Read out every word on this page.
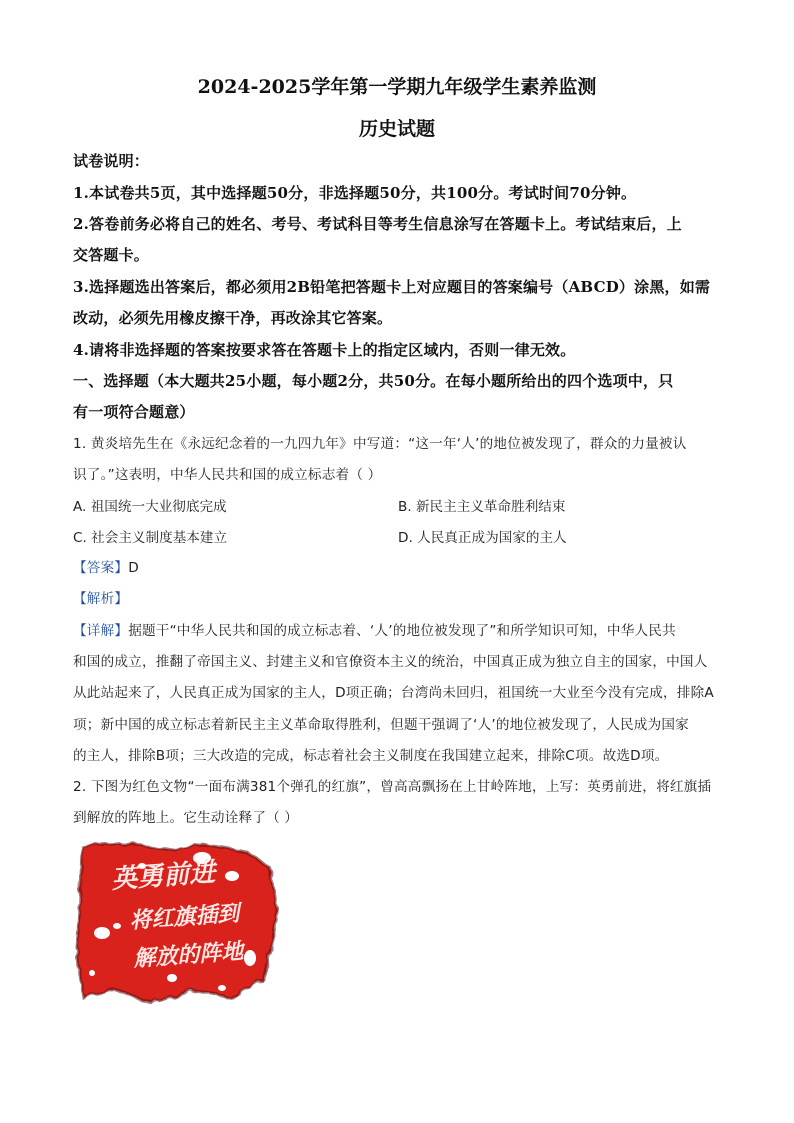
2024-2025学年第一学期九年级学生素养监测
历史试题
试卷说明：
1.本试卷共5页，其中选择题50分，非选择题50分，共100分。考试时间70分钟。
2.答卷前务必将自己的姓名、考号、考试科目等考生信息涂写在答题卡上。考试结束后，上
交答题卡。
3.选择题选出答案后，都必须用2B铅笔把答题卡上对应题目的答案编号（ABCD）涂黑，如需
改动，必须先用橡皮擦干净，再改涂其它答案。
4.请将非选择题的答案按要求答在答题卡上的指定区域内，否则一律无效。
一、选择题（本大题共25小题，每小题2分，共50分。在每小题所给出的四个选项中，只
有一项符合题意）
1. 黄炎培先生在《永远纪念着的一九四九年》中写道：“这一年‘人’的地位被发现了，群众的力量被认
识了。”这表明，中华人民共和国的成立标志着（ ）
A. 祖国统一大业彻底完成	B. 新民主主义革命胜利结束
C. 社会主义制度基本建立	D. 人民真正成为国家的主人
【答案】D
【解析】
【详解】据题干“中华人民共和国的成立标志着、‘人’的地位被发现了”和所学知识可知，中华人民共
和国的成立，推翻了帝国主义、封建主义和官僚资本主义的统治，中国真正成为独立自主的国家，中国人
从此站起来了，人民真正成为国家的主人，D项正确；台湾尚未回归，祖国统一大业至今没有完成，排除A
项；新中国的成立标志着新民主主义革命取得胜利，但题干强调了‘人’的地位被发现了，人民成为国家
的主人，排除B项；三大改造的完成，标志着社会主义制度在我国建立起来，排除C项。故选D项。
2. 下图为红色文物“一面布满381个弹孔的红旗”，曾高高飘扬在上甘岭阵地，上写：英勇前进，将红旗插
到解放的阵地上。它生动诠释了（ ）
英勇前进
将红旗插到
解放的阵地
